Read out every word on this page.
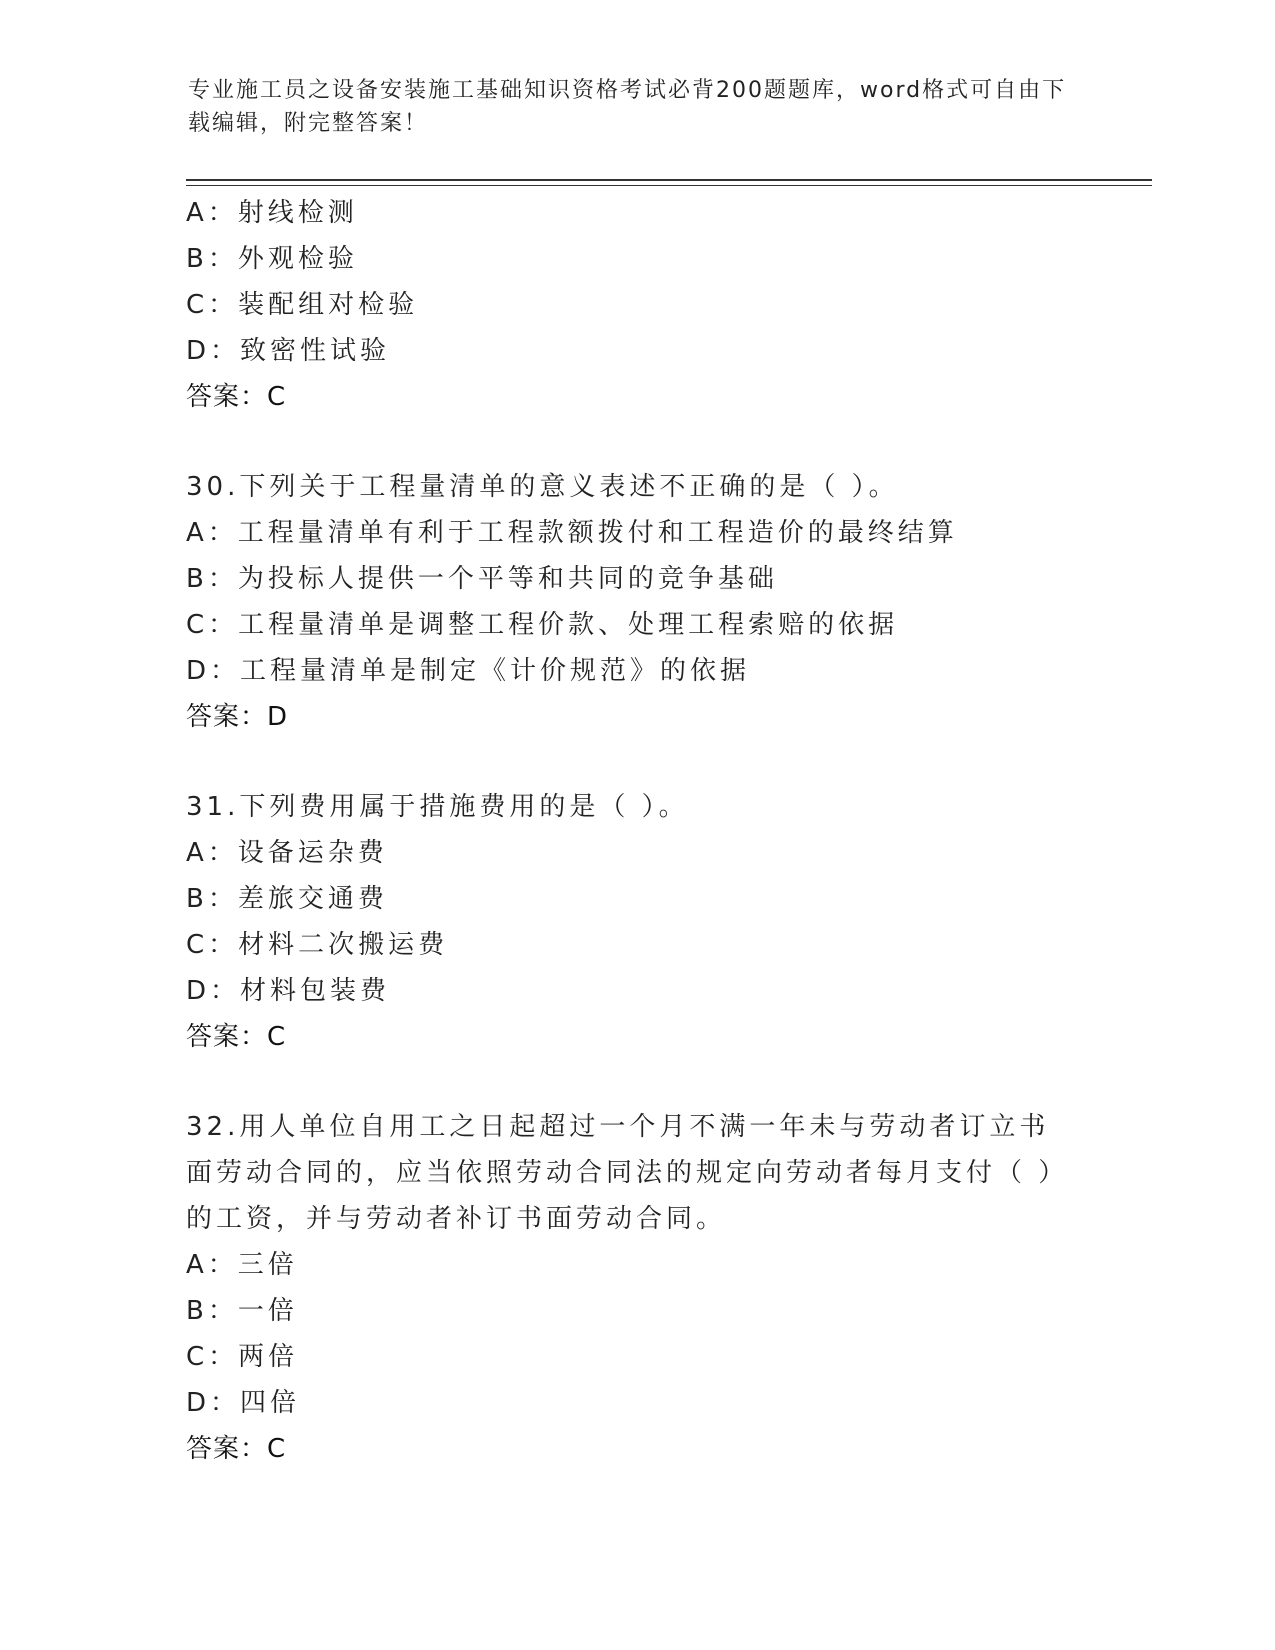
专业施工员之设备安装施工基础知识资格考试必背200题题库，word格式可自由下载编辑，附完整答案！
A：射线检测
B：外观检验
C：装配组对检验
D：致密性试验
答案：C
30.下列关于工程量清单的意义表述不正确的是（ ）。
A：工程量清单有利于工程款额拨付和工程造价的最终结算
B：为投标人提供一个平等和共同的竞争基础
C：工程量清单是调整工程价款、处理工程索赔的依据
D：工程量清单是制定《计价规范》的依据
答案：D
31.下列费用属于措施费用的是（ ）。
A：设备运杂费
B：差旅交通费
C：材料二次搬运费
D：材料包装费
答案：C
32.用人单位自用工之日起超过一个月不满一年未与劳动者订立书面劳动合同的，应当依照劳动合同法的规定向劳动者每月支付（ ）的工资，并与劳动者补订书面劳动合同。
A：三倍
B：一倍
C：两倍
D：四倍
答案：C
